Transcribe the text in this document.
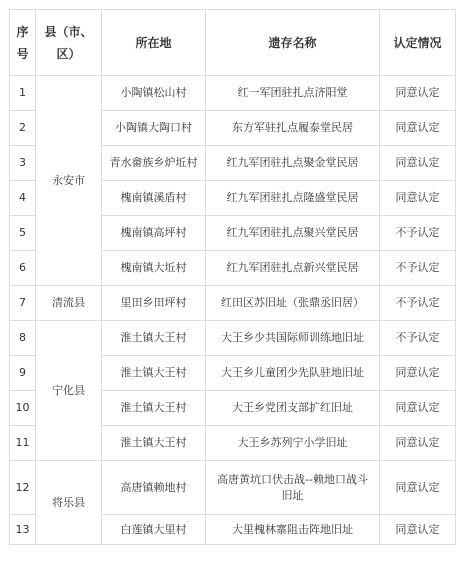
序号	县（市、区）	所在地	遗存名称	认定情况
1	永安市	小陶镇松山村	红一军团驻扎点济阳堂	同意认定
2		小陶镇大陶口村	东方军驻扎点履泰堂民居	同意认定
3		青水畲族乡炉坵村	红九军团驻扎点聚金堂民居	同意认定
4		槐南镇溪盾村	红九军团驻扎点隆盛堂民居	同意认定
5		槐南镇高坪村	红九军团驻扎点聚兴堂民居	不予认定
6		槐南镇大坵村	红九军团驻扎点新兴堂民居	不予认定
7	清流县	里田乡田坪村	红田区苏旧址（张鼎丞旧居）	不予认定
8	宁化县	淮土镇大王村	大王乡少共国际师训练地旧址	不予认定
9		淮土镇大王村	大王乡儿童团少先队驻地旧址	同意认定
10		淮土镇大王村	大王乡党团支部扩红旧址	同意认定
11		淮土镇大王村	大王乡苏列宁小学旧址	同意认定
12	将乐县	高唐镇赖地村	高唐黄坑口伏击战--赖地口战斗旧址	同意认定
13		白莲镇大里村	大里槐林寨阻击阵地旧址	同意认定
